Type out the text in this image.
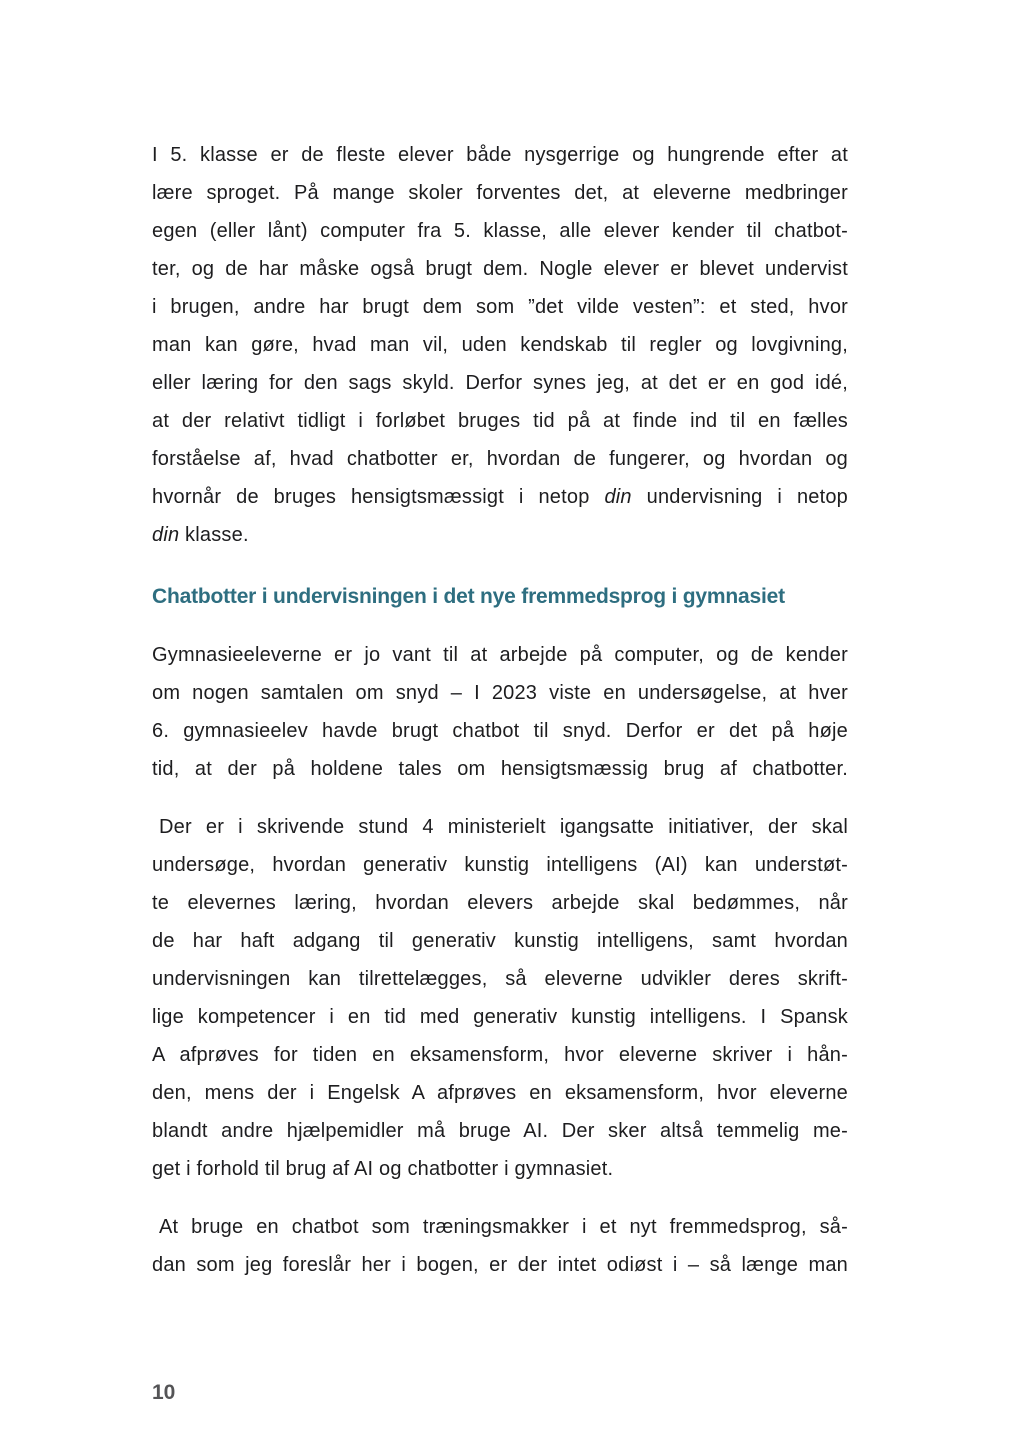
I 5. klasse er de fleste elever både nysgerrige og hungrende efter at
lære sproget. På mange skoler forventes det, at eleverne medbringer
egen (eller lånt) computer fra 5. klasse, alle elever kender til chatbot-
ter, og de har måske også brugt dem. Nogle elever er blevet undervist
i brugen, andre har brugt dem som ”det vilde vesten”: et sted, hvor
man kan gøre, hvad man vil, uden kendskab til regler og lovgivning,
eller læring for den sags skyld. Derfor synes jeg, at det er en god idé,
at der relativt tidligt i forløbet bruges tid på at finde ind til en fælles
forståelse af, hvad chatbotter er, hvordan de fungerer, og hvordan og
hvornår de bruges hensigtsmæssigt i netop din undervisning i netop
din klasse.
Chatbotter i undervisningen i det nye fremmedsprog i gymnasiet
Gymnasieeleverne er jo vant til at arbejde på computer, og de kender
om nogen samtalen om snyd – I 2023 viste en undersøgelse, at hver
6. gymnasieelev havde brugt chatbot til snyd. Derfor er det på høje
tid, at der på holdene tales om hensigtsmæssig brug af chatbotter.
Der er i skrivende stund 4 ministerielt igangsatte initiativer, der skal
undersøge, hvordan generativ kunstig intelligens (AI) kan understøt-
te elevernes læring, hvordan elevers arbejde skal bedømmes, når
de har haft adgang til generativ kunstig intelligens, samt hvordan
undervisningen kan tilrettelægges, så eleverne udvikler deres skrift-
lige kompetencer i en tid med generativ kunstig intelligens. I Spansk
A afprøves for tiden en eksamensform, hvor eleverne skriver i hån-
den, mens der i Engelsk A afprøves en eksamensform, hvor eleverne
blandt andre hjælpemidler må bruge AI. Der sker altså temmelig me-
get i forhold til brug af AI og chatbotter i gymnasiet.
At bruge en chatbot som træningsmakker i et nyt fremmedsprog, så-
dan som jeg foreslår her i bogen, er der intet odiøst i – så længe man
10
